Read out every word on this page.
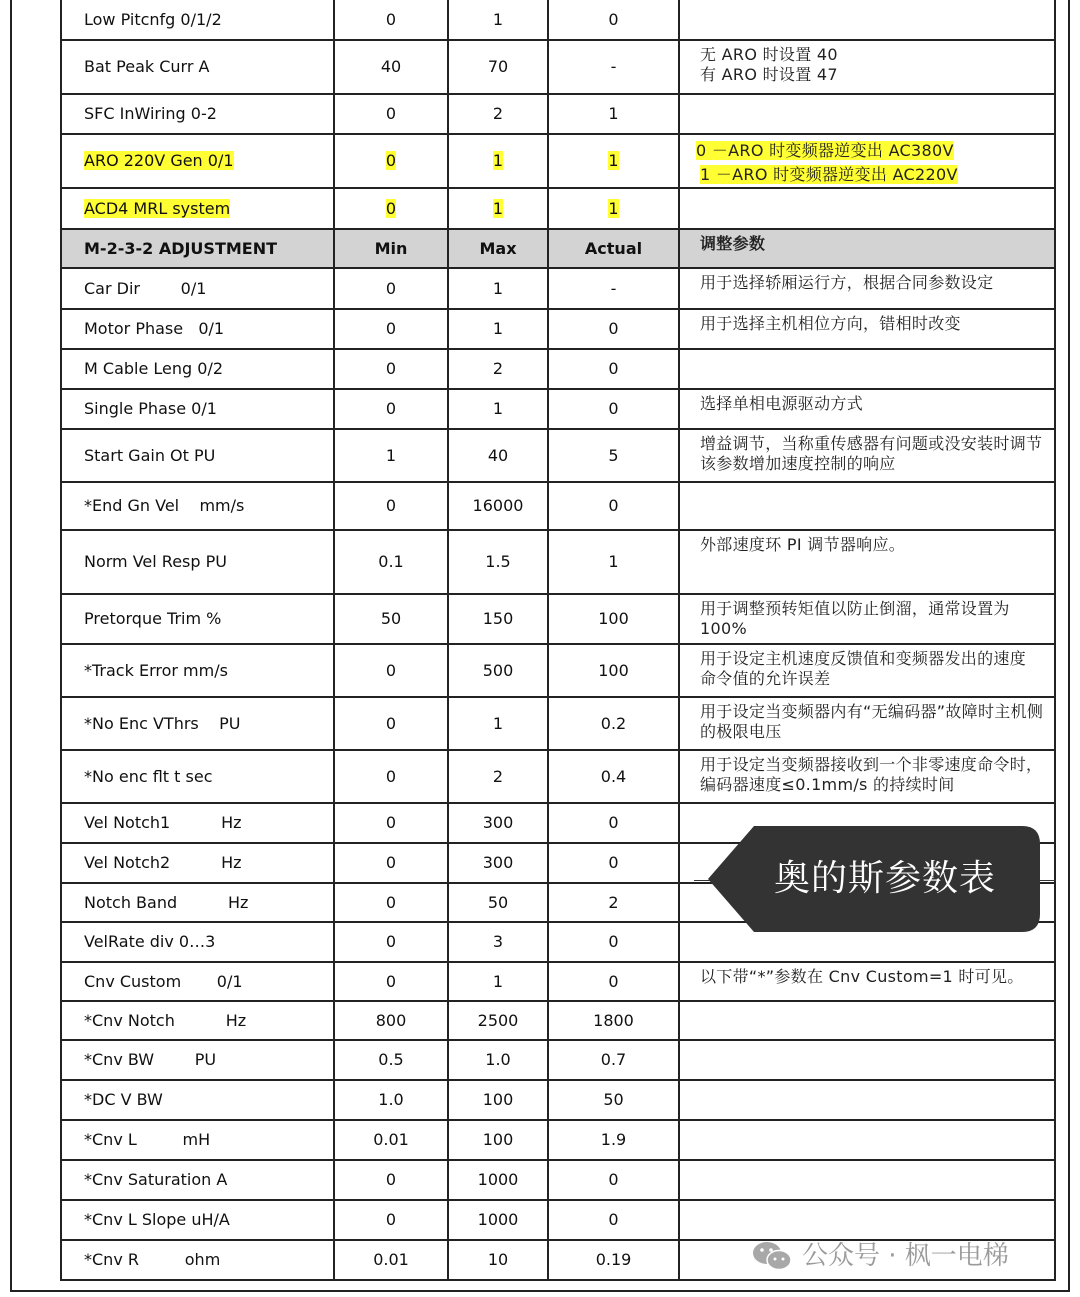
Low Pitcnfg 0/1/2	0	1	0	
Bat Peak Curr A	40	70	-	无 ARO 时设置 40
有 ARO 时设置 47

SFC InWiring 0-2	0	2	1	
ARO 220V Gen 0/1	0	1	1	0 －ARO 时变频器逆变出 AC380V
1 －ARO 时变频器逆变出 AC220V

ACD4 MRL system	0	1	1	
M-2-3-2 ADJUSTMENT	Min	Max	Actual	调整参数

Car Dir        0/1	0	1	-	用于选择轿厢运行方，根据合同参数设定

Motor Phase   0/1	0	1	0	用于选择主机相位方向，错相时改变

M Cable Leng 0/2	0	2	0	
Single Phase 0/1	0	1	0	选择单相电源驱动方式

Start Gain Ot PU	1	40	5	增益调节，当称重传感器有问题或没安装时调节
该参数增加速度控制的响应

*End Gn Vel    mm/s	0	16000	0	
Norm Vel Resp PU	0.1	1.5	1	外部速度环 PI 调节器响应。

Pretorque Trim %	50	150	100	用于调整预转矩值以防止倒溜，通常设置为
100%

*Track Error mm/s	0	500	100	用于设定主机速度反馈值和变频器发出的速度
命令值的允许误差

*No Enc VThrs    PU	0	1	0.2	用于设定当变频器内有“无编码器”故障时主机侧
的极限电压

*No enc flt t sec	0	2	0.4	用于设定当变频器接收到一个非零速度命令时，
编码器速度≤0.1mm/s 的持续时间

Vel Notch1          Hz	0	300	0	
Vel Notch2          Hz	0	300	0	
Notch Band          Hz	0	50	2	
VelRate div 0…3	0	3	0	
Cnv Custom       0/1	0	1	0	以下带“*”参数在 Cnv Custom=1 时可见。

*Cnv Notch          Hz	800	2500	1800	
*Cnv BW        PU	0.5	1.0	0.7	
*DC V BW	1.0	100	50	
*Cnv L         mH	0.01	100	1.9	
*Cnv Saturation A	0	1000	0	
*Cnv L Slope uH/A	0	1000	0	
*Cnv R         ohm	0.01	10	0.19	
奥的斯参数表
公众号 · 枫一电梯
